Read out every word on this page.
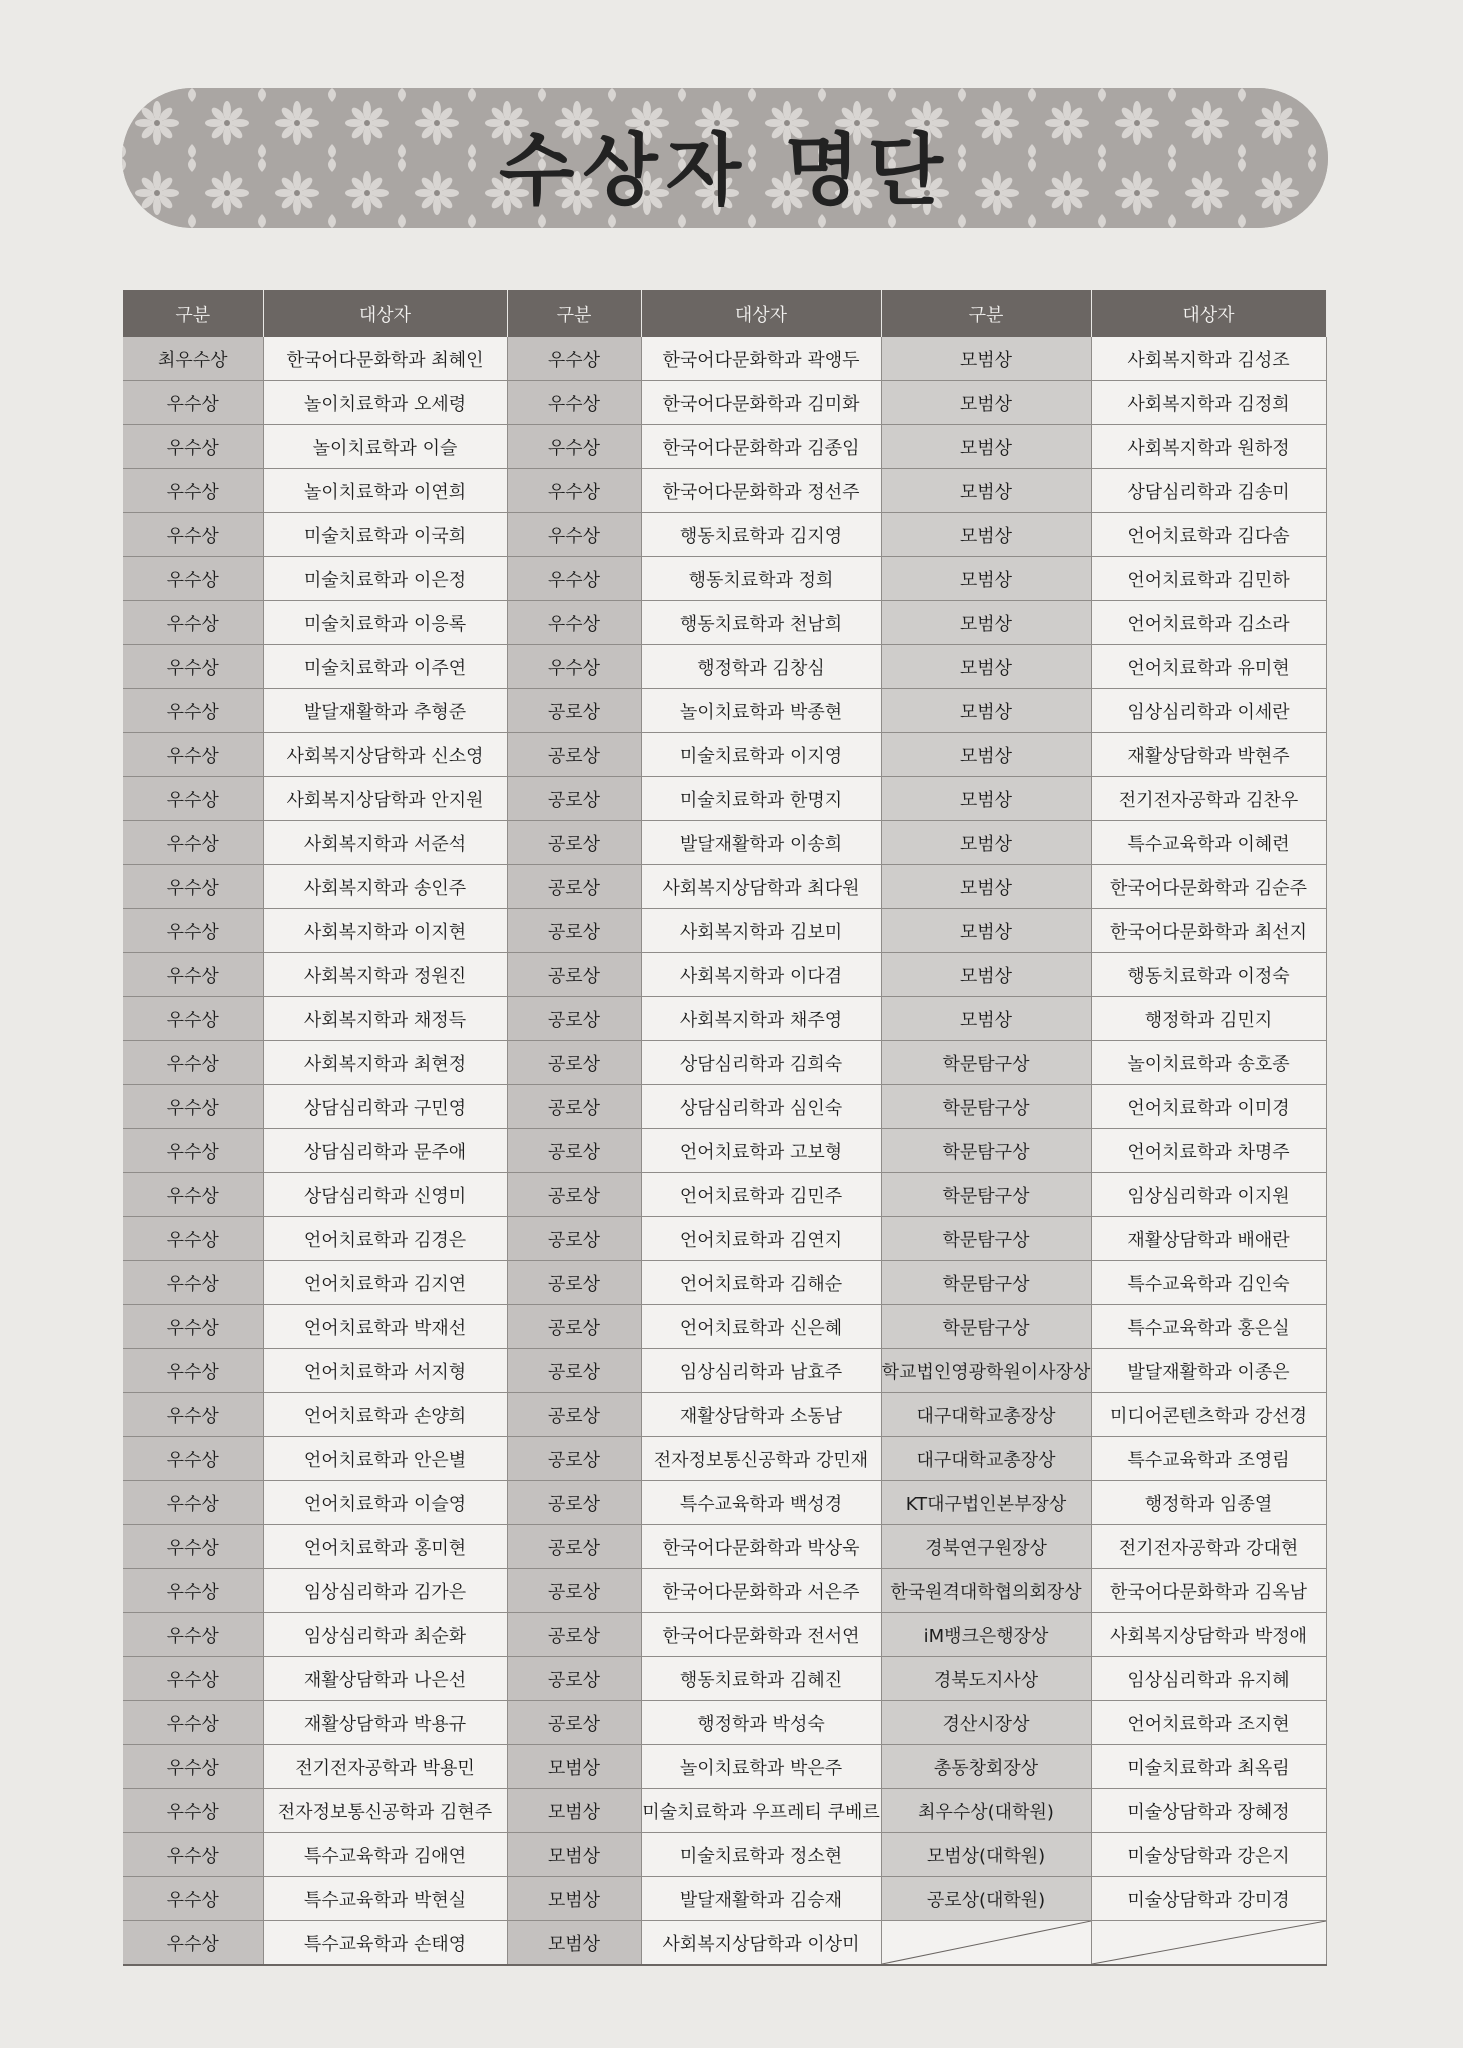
수상자 명단
구분	대상자	구분	대상자	구분	대상자
최우수상	한국어다문화학과 최혜인	우수상	한국어다문화학과 곽앵두	모범상	사회복지학과 김성조
우수상	놀이치료학과 오세령	우수상	한국어다문화학과 김미화	모범상	사회복지학과 김정희
우수상	놀이치료학과 이슬	우수상	한국어다문화학과 김종임	모범상	사회복지학과 원하정
우수상	놀이치료학과 이연희	우수상	한국어다문화학과 정선주	모범상	상담심리학과 김송미
우수상	미술치료학과 이국희	우수상	행동치료학과 김지영	모범상	언어치료학과 김다솜
우수상	미술치료학과 이은정	우수상	행동치료학과 정희	모범상	언어치료학과 김민하
우수상	미술치료학과 이응록	우수상	행동치료학과 천남희	모범상	언어치료학과 김소라
우수상	미술치료학과 이주연	우수상	행정학과 김창심	모범상	언어치료학과 유미현
우수상	발달재활학과 추형준	공로상	놀이치료학과 박종현	모범상	임상심리학과 이세란
우수상	사회복지상담학과 신소영	공로상	미술치료학과 이지영	모범상	재활상담학과 박현주
우수상	사회복지상담학과 안지원	공로상	미술치료학과 한명지	모범상	전기전자공학과 김찬우
우수상	사회복지학과 서준석	공로상	발달재활학과 이송희	모범상	특수교육학과 이혜련
우수상	사회복지학과 송인주	공로상	사회복지상담학과 최다원	모범상	한국어다문화학과 김순주
우수상	사회복지학과 이지현	공로상	사회복지학과 김보미	모범상	한국어다문화학과 최선지
우수상	사회복지학과 정원진	공로상	사회복지학과 이다겸	모범상	행동치료학과 이정숙
우수상	사회복지학과 채정득	공로상	사회복지학과 채주영	모범상	행정학과 김민지
우수상	사회복지학과 최현정	공로상	상담심리학과 김희숙	학문탐구상	놀이치료학과 송호종
우수상	상담심리학과 구민영	공로상	상담심리학과 심인숙	학문탐구상	언어치료학과 이미경
우수상	상담심리학과 문주애	공로상	언어치료학과 고보형	학문탐구상	언어치료학과 차명주
우수상	상담심리학과 신영미	공로상	언어치료학과 김민주	학문탐구상	임상심리학과 이지원
우수상	언어치료학과 김경은	공로상	언어치료학과 김연지	학문탐구상	재활상담학과 배애란
우수상	언어치료학과 김지연	공로상	언어치료학과 김해순	학문탐구상	특수교육학과 김인숙
우수상	언어치료학과 박재선	공로상	언어치료학과 신은혜	학문탐구상	특수교육학과 홍은실
우수상	언어치료학과 서지형	공로상	임상심리학과 남효주	학교법인영광학원이사장상	발달재활학과 이종은
우수상	언어치료학과 손양희	공로상	재활상담학과 소동남	대구대학교총장상	미디어콘텐츠학과 강선경
우수상	언어치료학과 안은별	공로상	전자정보통신공학과 강민재	대구대학교총장상	특수교육학과 조영림
우수상	언어치료학과 이슬영	공로상	특수교육학과 백성경	KT대구법인본부장상	행정학과 임종열
우수상	언어치료학과 홍미현	공로상	한국어다문화학과 박상욱	경북연구원장상	전기전자공학과 강대현
우수상	임상심리학과 김가은	공로상	한국어다문화학과 서은주	한국원격대학협의회장상	한국어다문화학과 김옥남
우수상	임상심리학과 최순화	공로상	한국어다문화학과 전서연	iM뱅크은행장상	사회복지상담학과 박정애
우수상	재활상담학과 나은선	공로상	행동치료학과 김혜진	경북도지사상	임상심리학과 유지혜
우수상	재활상담학과 박용규	공로상	행정학과 박성숙	경산시장상	언어치료학과 조지현
우수상	전기전자공학과 박용민	모범상	놀이치료학과 박은주	총동창회장상	미술치료학과 최옥림
우수상	전자정보통신공학과 김현주	모범상	미술치료학과 우프레티 쿠베르	최우수상(대학원)	미술상담학과 장혜정
우수상	특수교육학과 김애연	모범상	미술치료학과 정소현	모범상(대학원)	미술상담학과 강은지
우수상	특수교육학과 박현실	모범상	발달재활학과 김승재	공로상(대학원)	미술상담학과 강미경
우수상	특수교육학과 손태영	모범상	사회복지상담학과 이상미	
